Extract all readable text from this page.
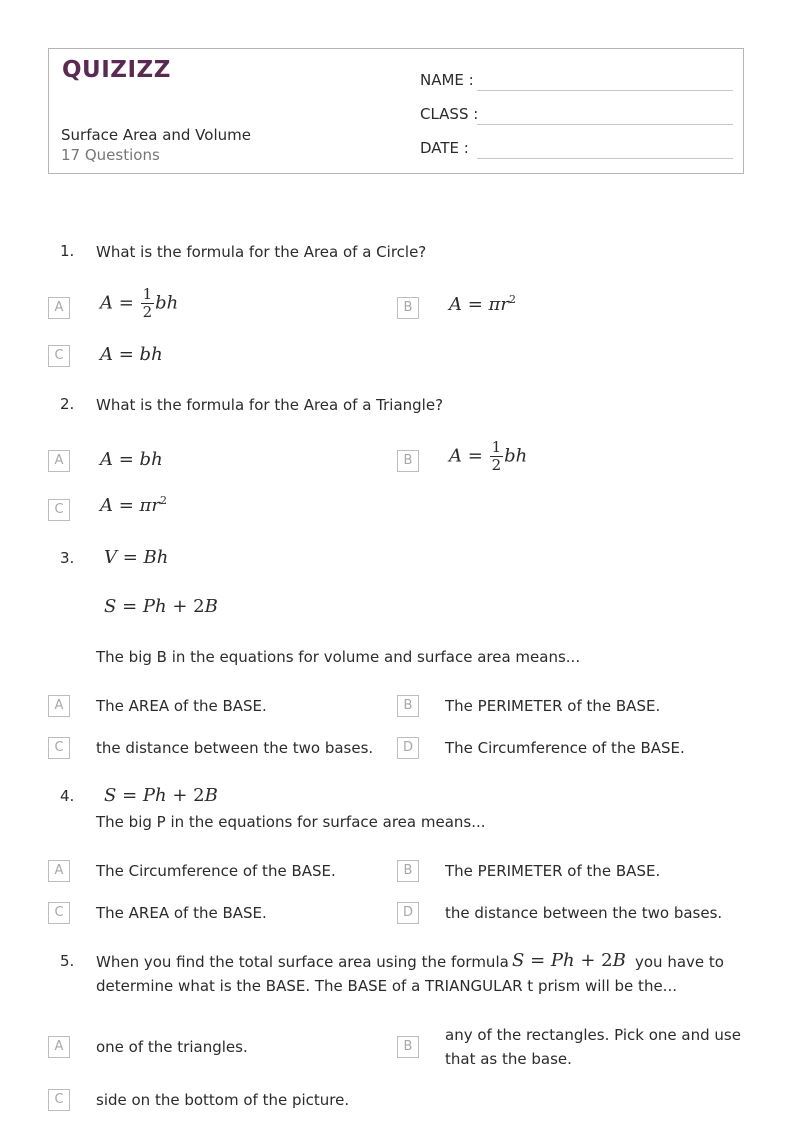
QUIZIZZ
Surface Area and Volume
17 Questions
NAME :
CLASS :
DATE :
1. What is the formula for the Area of a Circle?
A	$A = \frac{1}{2}$ bh	B	$A = \pi r^2$
C	A = bh
2. What is the formula for the Area of a Triangle?
A	A = bh	B	$A = \frac{1}{2}$ bh
C	$A = \pi r^2$
3. V = Bh
S = Ph + 2B
The big B in the equations for volume and surface area means...
A	The AREA of the BASE.	B	The PERIMETER of the BASE.
C	the distance between the two bases.	D	The Circumference of the BASE.
4. S = Ph + 2B
The big P in the equations for surface area means...
A	The Circumference of the BASE.	B	The PERIMETER of the BASE.
C	The AREA of the BASE.	D	the distance between the two bases.
5. When you find the total surface area using the formula S = Ph + 2B you have to
determine what is the BASE. The BASE of a TRIANGULAR t prism will be the...
A	one of the triangles.	B
any of the rectangles. Pick one and use
that as the base.
C	side on the bottom of the picture.
